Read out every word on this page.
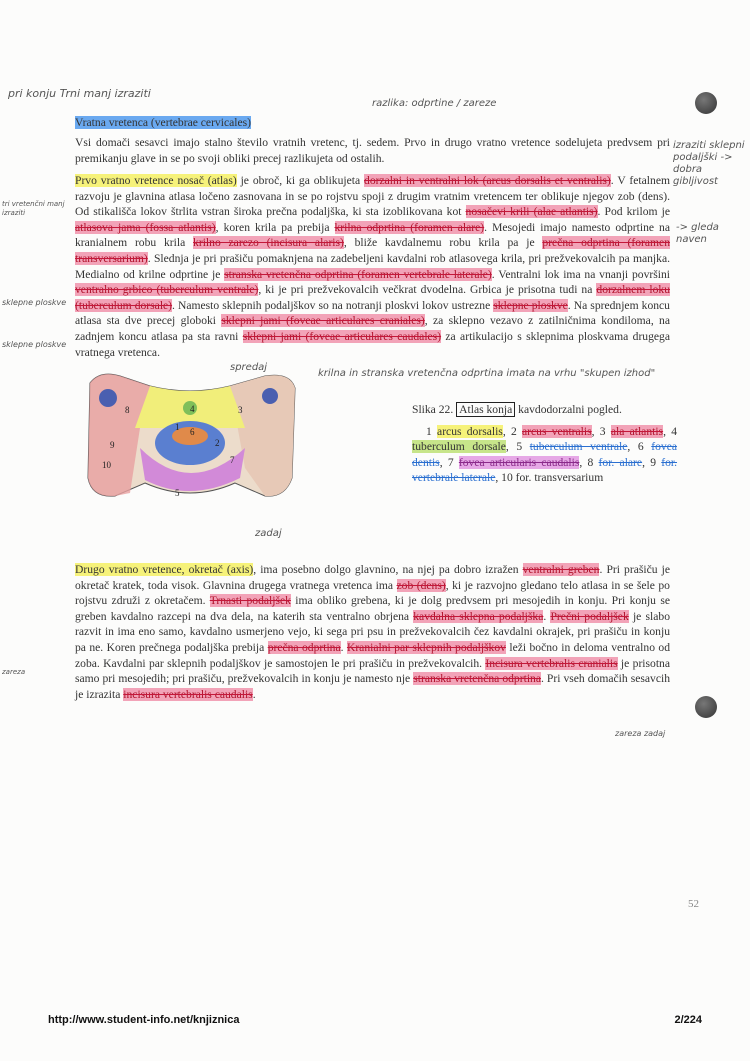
pri konju Trni manj izraziti
razlika: odprtine / zareze
izraziti sklepni podaljški -> dobra gibljivost
-> gleda naven
tri vretenčni manj izraziti
sklepne ploskve
sklepne ploskve
spredaj
krilna in stranska vretenčna odprtina imata na vrhu "skupen izhod"
zadaj
zareza
zareza zadaj
Vratna vretenca (vertebrae cervicales)
Vsi domači sesavci imajo stalno število vratnih vretenc, tj. sedem. Prvo in drugo vratno vretence sodelujeta predvsem pri premikanju glave in se po svoji obliki precej razlikujeta od ostalih.
Prvo vratno vretence nosač (atlas) je obroč, ki ga oblikujeta dorzalni in ventralni lok (arcus dorsalis et ventralis). V fetalnem razvoju je glavnina atlasa ločeno zasnovana in se po rojstvu spoji z drugim vratnim vretencem ter oblikuje njegov zob (dens). Od stikališča lokov štrlita vstran široka prečna podaljška, ki sta izoblikovana kot nosačevi krili (alae atlantis). Pod krilom je atlasova jama (fossa atlantis), koren krila pa prebija krilna odprtina (foramen alare). Mesojedi imajo namesto odprtine na kranialnem robu krila krilno zarezo (incisura alaris), bliže kavdalnemu robu krila pa je prečna odprtina (foramen transversarium). Slednja je pri prašiču pomaknjena na zadebeljeni kavdalni rob atlasovega krila, pri prežvekovalcih pa manjka. Medialno od krilne odprtine je stranska vretenčna odprtina (foramen vertebrale laterale). Ventralni lok ima na vnanji površini ventralno grbico (tuberculum ventrale), ki je pri prežvekovalcih večkrat dvodelna. Grbica je prisotna tudi na dorzalnem loku (tuberculum dorsale). Namesto sklepnih podaljškov so na notranji ploskvi lokov ustrezne sklepne ploskve. Na sprednjem koncu atlasa sta dve precej globoki sklepni jami (foveae articulares craniales), za sklepno vezavo z zatilničnima kondiloma, na zadnjem koncu atlasa pa sta ravni sklepni jami (foveae articulares caudales) za artikulacijo s sklepnima ploskvama drugega vratnega vretenca.
Drugo vratno vretence, okretač (axis), ima posebno dolgo glavnino, na njej pa dobro izražen ventralni greben. Pri prašiču je okretač kratek, toda visok. Glavnina drugega vratnega vretenca ima zob (dens), ki je razvojno gledano telo atlasa in se šele po rojstvu združi z okretačem. Trnasti podaljšek ima obliko grebena, ki je dolg predvsem pri mesojedih in konju. Pri konju se greben kavdalno razcepi na dva dela, na katerih sta ventralno obrjena kavdalna sklepna podaljška. Prečni podaljšek je slabo razvit in ima eno samo, kavdalno usmerjeno vejo, ki sega pri psu in prežvekovalcih čez kavdalni okrajek, pri prašiču in konju pa ne. Koren prečnega podaljška prebija prečna odprtina. Kranialni par sklepnih podaljškov leži bočno in deloma ventralno od zoba. Kavdalni par sklepnih podaljškov je samostojen le pri prašiču in prežvekovalcih. Incisura vertebralis cranialis je prisotna samo pri mesojedih; pri prašiču, prežvekovalcih in konju je namesto nje stranska vretenčna odprtina. Pri vseh domačih sesavcih je izrazita incisura vertebralis caudalis.
1
2
3
4
5
6
7
8
9
10
Slika 22. Atlas konja kavdodorzalni pogled.
1 arcus dorsalis, 2 arcus ventralis, 3 ala atlantis, 4 tuberculum dorsale, 5 tuberculum ventrale, 6 fovea dentis, 7 fovea articularis caudalis, 8 for. alare, 9 for. vertebrale laterale, 10 for. transversarium
52
http://www.student-info.net/knjiznica	2/224
